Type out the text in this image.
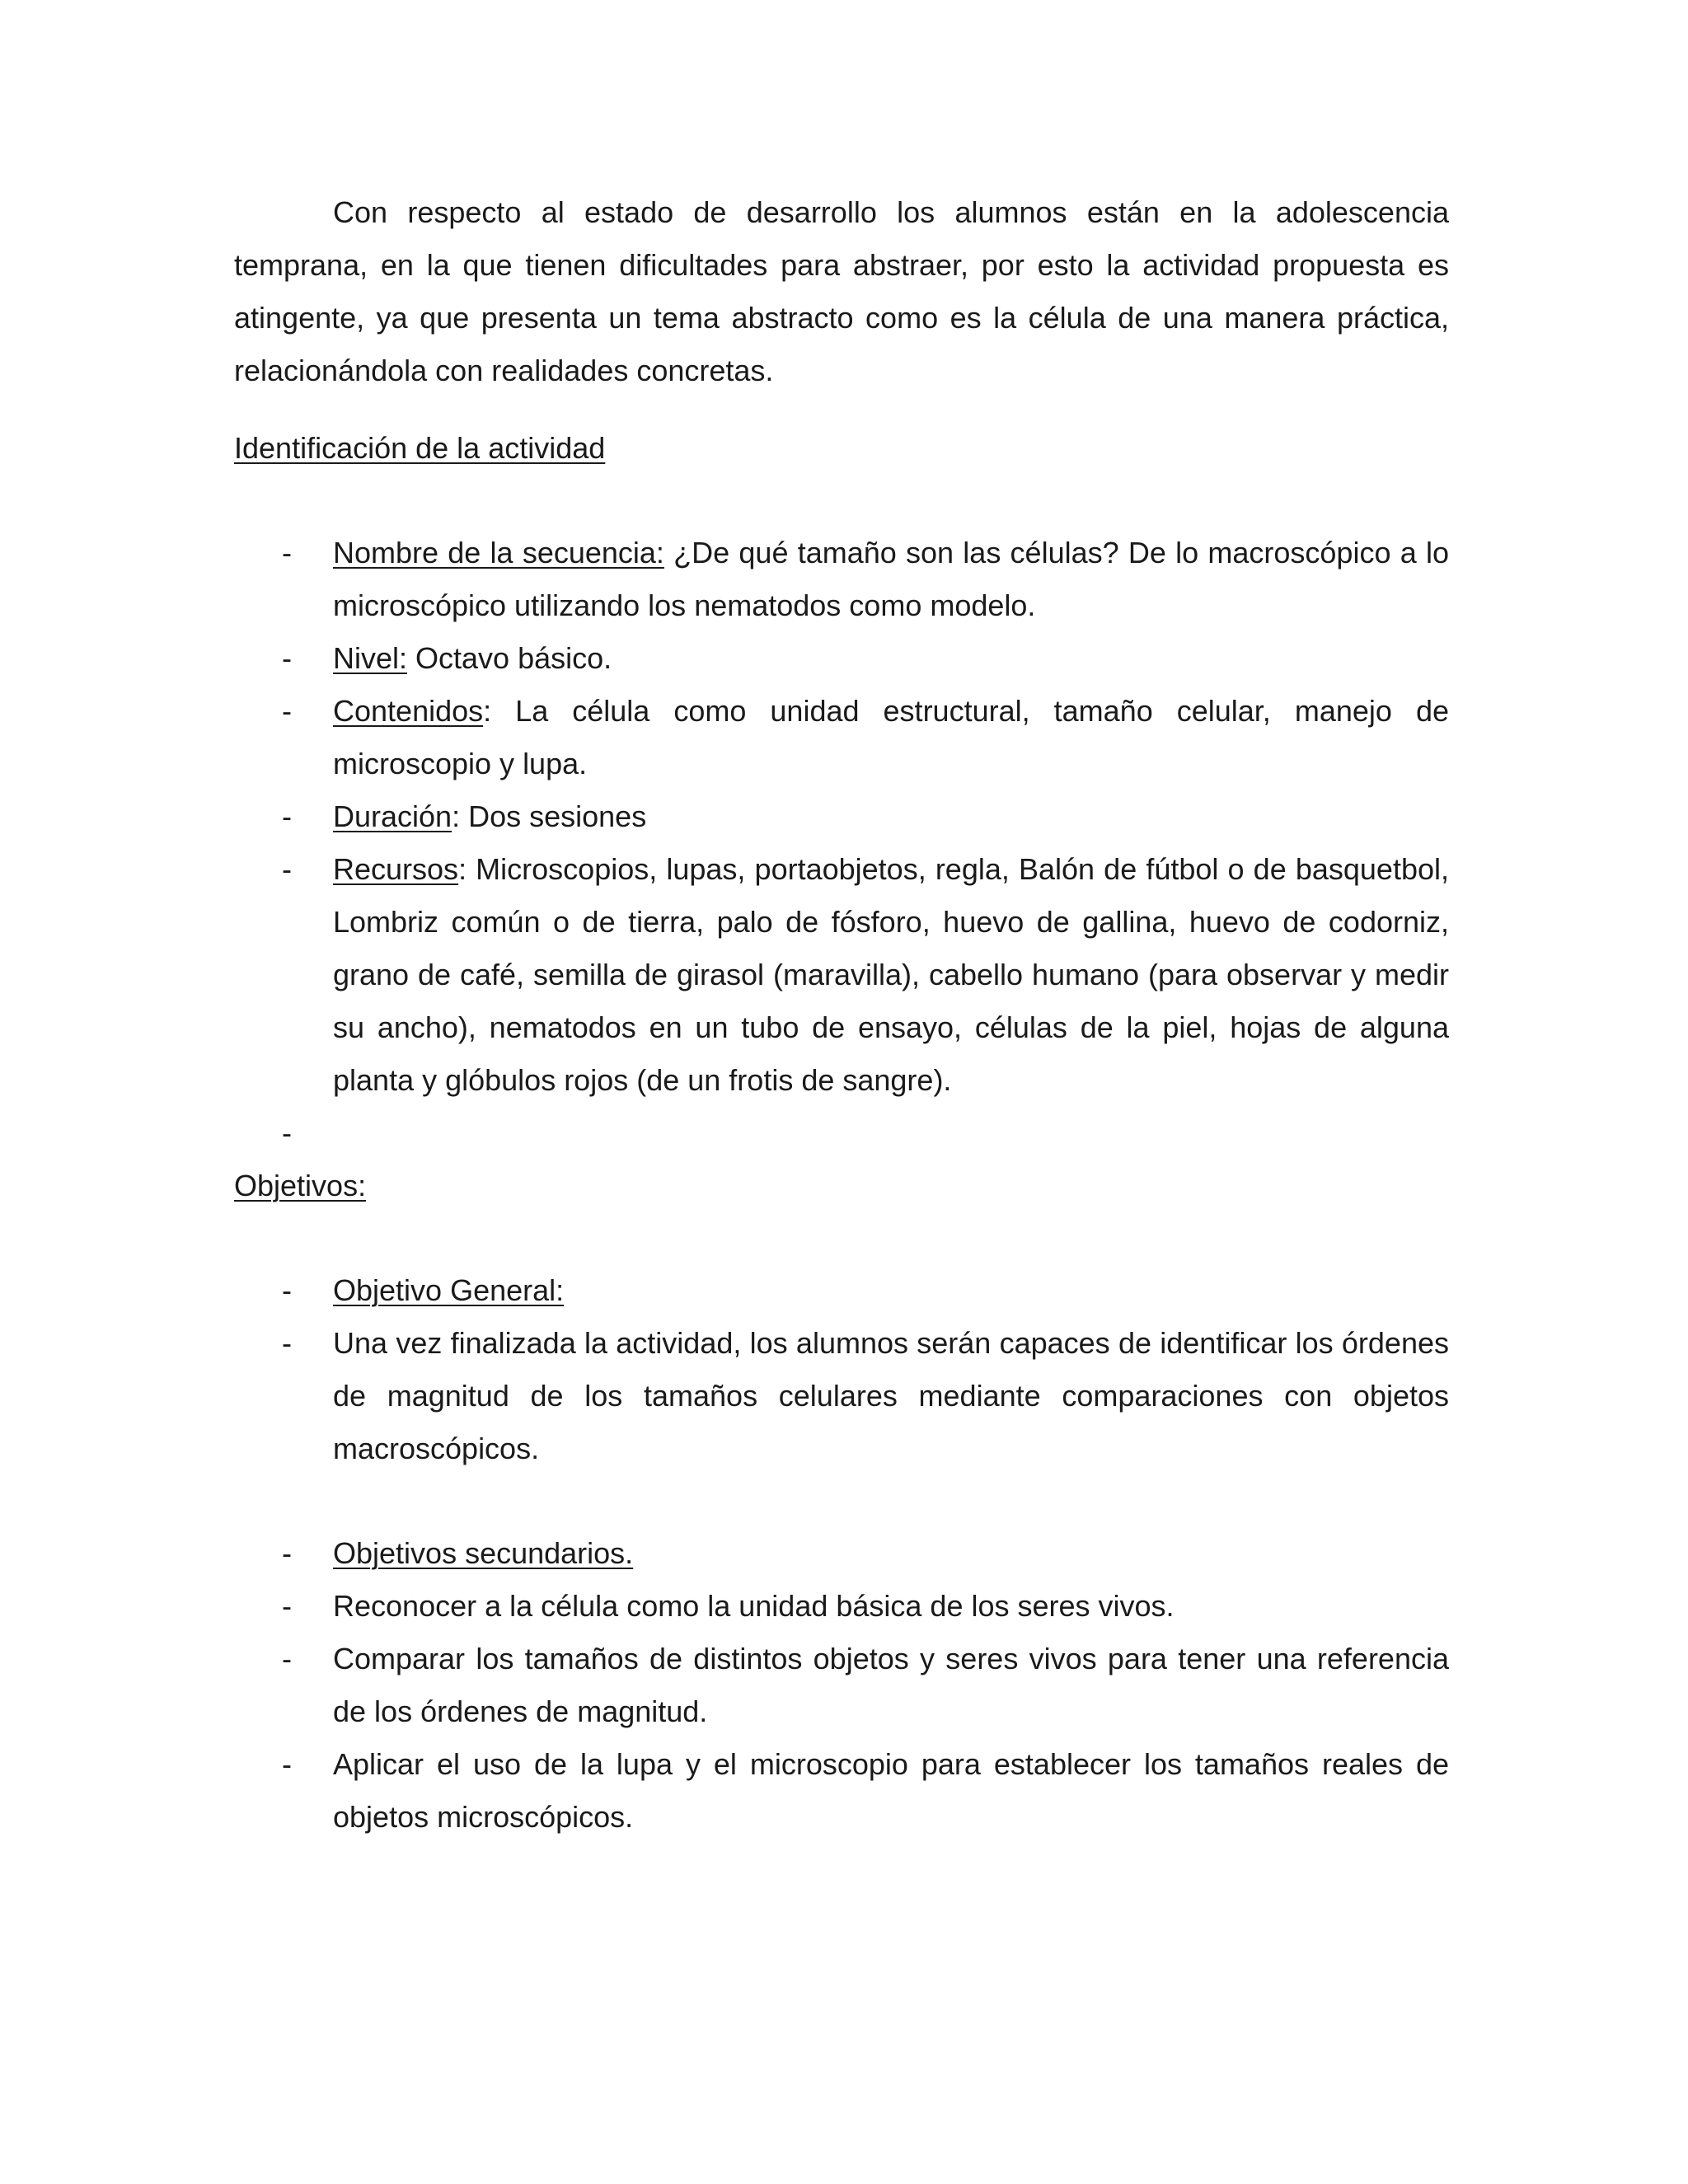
Con respecto al estado de desarrollo los alumnos están en la adolescencia temprana, en la que tienen dificultades para abstraer, por esto la actividad propuesta es atingente, ya que presenta un tema abstracto como es la célula de una manera práctica, relacionándola con realidades concretas.

Identificación de la actividad
- Nombre de la secuencia: ¿De qué tamaño son las células? De lo macroscópico a lo microscópico utilizando los nematodos como modelo.
- Nivel: Octavo básico.
- Contenidos: La célula como unidad estructural, tamaño celular, manejo de microscopio y lupa.
- Duración: Dos sesiones
- Recursos: Microscopios, lupas, portaobjetos, regla, Balón de fútbol o de basquetbol, Lombriz común o de tierra, palo de fósforo, huevo de gallina, huevo de codorniz, grano de café, semilla de girasol (maravilla), cabello humano (para observar y medir su ancho), nematodos en un tubo de ensayo, células de la piel, hojas de alguna planta y glóbulos rojos (de un frotis de sangre).
-

Objetivos:
- Objetivo General:
- Una vez finalizada la actividad, los alumnos serán capaces de identificar los órdenes de magnitud de los tamaños celulares mediante comparaciones con objetos macroscópicos.
- Objetivos secundarios.
- Reconocer a la célula como la unidad básica de los seres vivos.
- Comparar los tamaños de distintos objetos y seres vivos para tener una referencia de los órdenes de magnitud.
- Aplicar el uso de la lupa y el microscopio para establecer los tamaños reales de objetos microscópicos.
